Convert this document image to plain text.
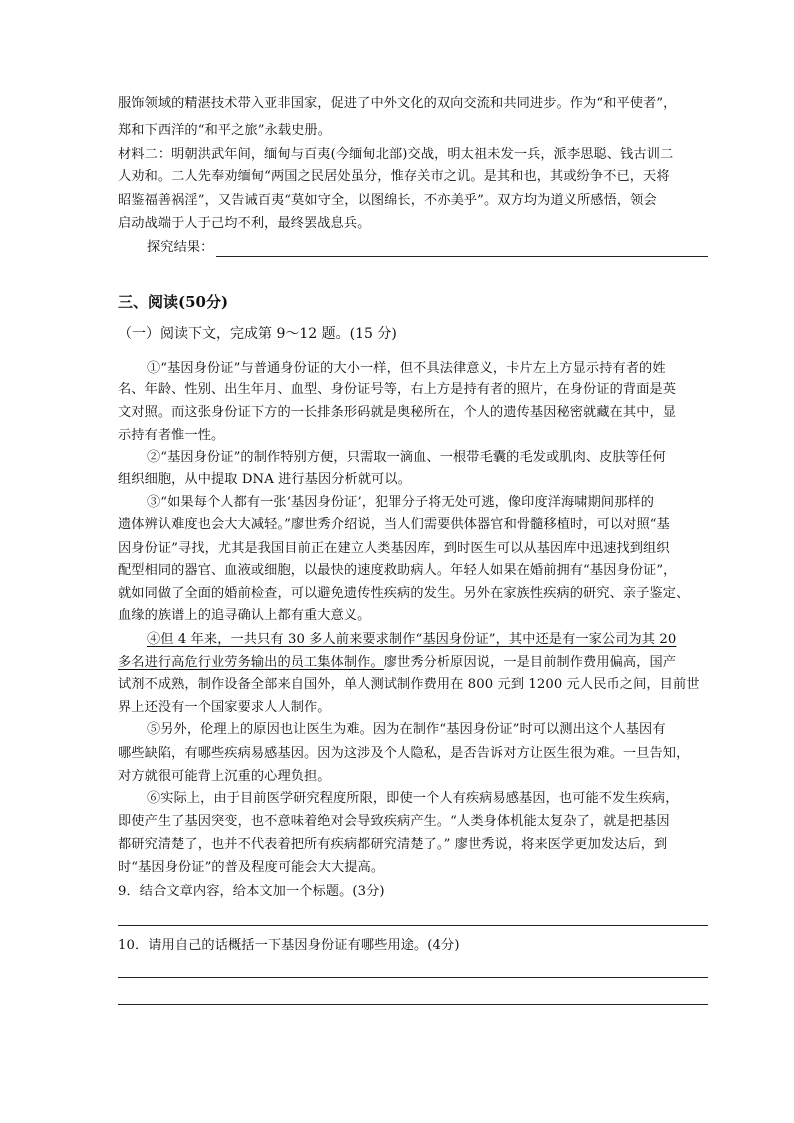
服饰领域的精湛技术带入亚非国家，促进了中外文化的双向交流和共同进步。作为“和平使者”，
郑和下西洋的“和平之旅”永载史册。
材料二：明朝洪武年间，缅甸与百夷(今缅甸北部)交战，明太祖未发一兵，派李思聪、钱古训二
人劝和。二人先奉劝缅甸“两国之民居处虽分，惟存关市之讥。是其和也，其或纷争不已，天将
昭鉴福善祸淫”，又告诫百夷“莫如守全，以图绵长，不亦美乎”。双方均为道义所感悟，领会
启动战端于人于己均不利，最终罢战息兵。
探究结果：
三、阅读(50分)
（一）阅读下文，完成第 9～12 题。(15 分)
①“基因身份证”与普通身份证的大小一样，但不具法律意义，卡片左上方显示持有者的姓
名、年龄、性别、出生年月、血型、身份证号等，右上方是持有者的照片，在身份证的背面是英
文对照。而这张身份证下方的一长排条形码就是奥秘所在，个人的遗传基因秘密就藏在其中，显
示持有者惟一性。
②“基因身份证”的制作特别方便，只需取一滴血、一根带毛囊的毛发或肌肉、皮肤等任何
组织细胞，从中提取 DNA 进行基因分析就可以。
③“如果每个人都有一张‘基因身份证’，犯罪分子将无处可逃，像印度洋海啸期间那样的
遗体辨认难度也会大大减轻。”廖世秀介绍说，当人们需要供体器官和骨髓移植时，可以对照“基
因身份证”寻找，尤其是我国目前正在建立人类基因库，到时医生可以从基因库中迅速找到组织
配型相同的器官、血液或细胞，以最快的速度救助病人。年轻人如果在婚前拥有“基因身份证”，
就如同做了全面的婚前检查，可以避免遗传性疾病的发生。另外在家族性疾病的研究、亲子鉴定、
血缘的族谱上的追寻确认上都有重大意义。
④但 4 年来，一共只有 30 多人前来要求制作“基因身份证”，其中还是有一家公司为其 20
多名进行高危行业劳务输出的员工集体制作。廖世秀分析原因说，一是目前制作费用偏高，国产
试剂不成熟，制作设备全部来自国外，单人测试制作费用在 800 元到 1200 元人民币之间，目前世
界上还没有一个国家要求人人制作。
⑤另外，伦理上的原因也让医生为难。因为在制作“基因身份证”时可以测出这个人基因有
哪些缺陷，有哪些疾病易感基因。因为这涉及个人隐私，是否告诉对方让医生很为难。一旦告知，
对方就很可能背上沉重的心理负担。
⑥实际上，由于目前医学研究程度所限，即使一个人有疾病易感基因，也可能不发生疾病，
即使产生了基因突变，也不意味着绝对会导致疾病产生。“人类身体机能太复杂了，就是把基因
都研究清楚了，也并不代表着把所有疾病都研究清楚了。” 廖世秀说，将来医学更加发达后，到
时“基因身份证”的普及程度可能会大大提高。
9．结合文章内容，给本文加一个标题。(3分)
10．请用自己的话概括一下基因身份证有哪些用途。(4分)
